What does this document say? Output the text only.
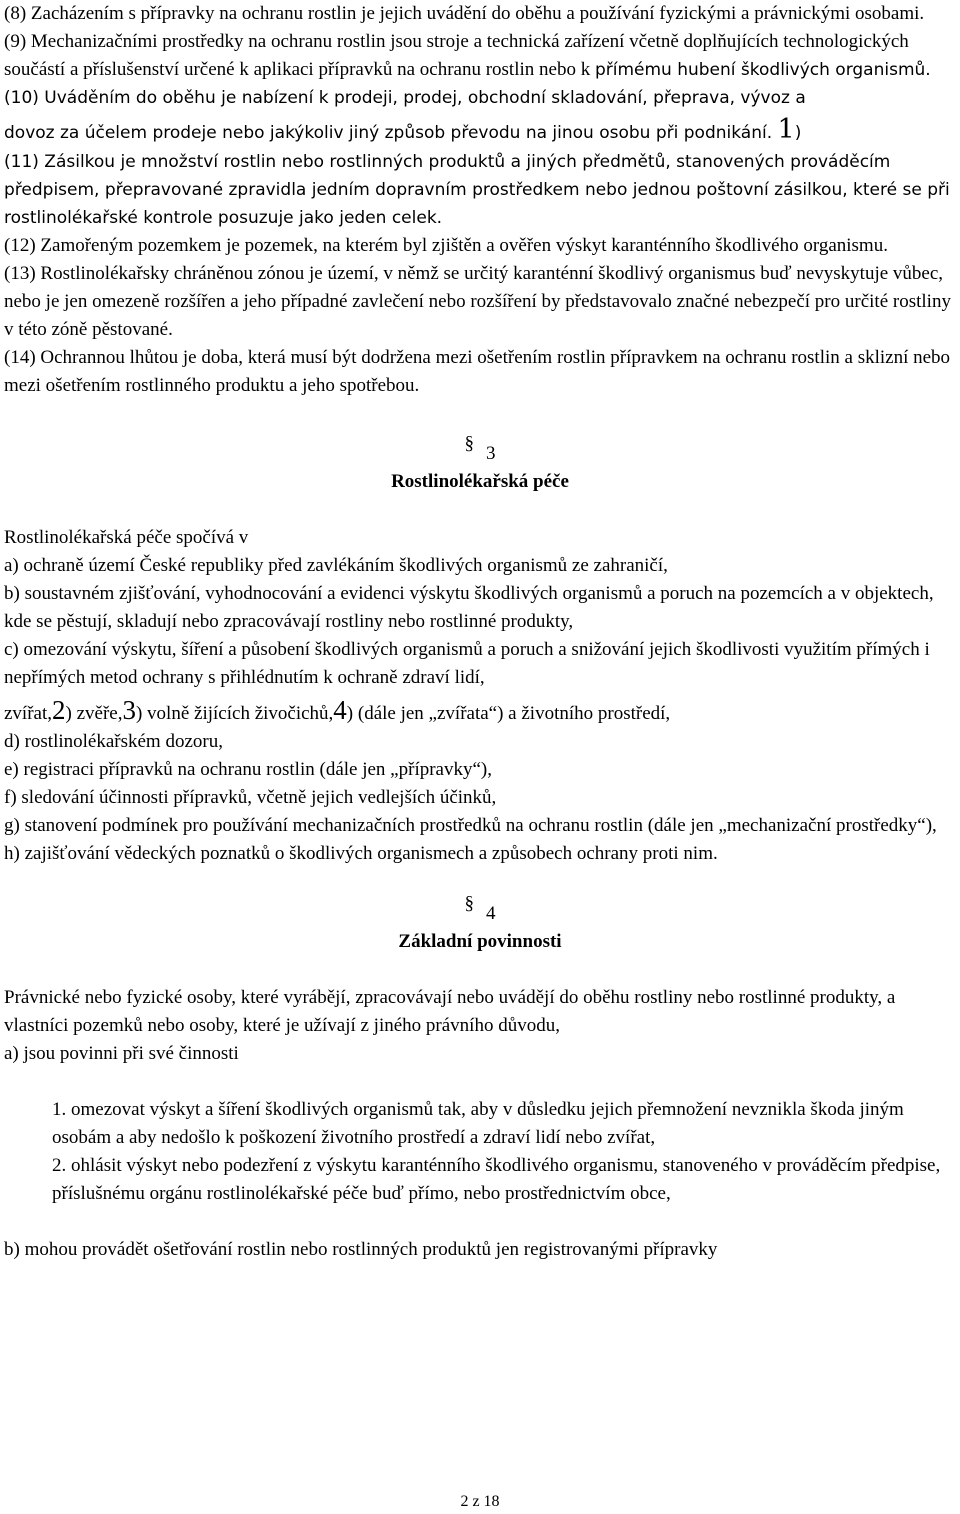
(8) Zacházením s přípravky na ochranu rostlin je jejich uvádění do oběhu a používání fyzickými a právnickými osobami.

(9) Mechanizačními prostředky na ochranu rostlin jsou stroje a technická zařízení včetně doplňujících technologických součástí a příslušenství určené k aplikaci přípravků na ochranu rostlin nebo k přímému hubení škodlivých organismů.

(10) Uváděním do oběhu je nabízení k prodeji, prodej, obchodní skladování, přeprava, vývoz a

dovoz za účelem prodeje nebo jakýkoliv jiný způsob převodu na jinou osobu při podnikání. 1)

(11) Zásilkou je množství rostlin nebo rostlinných produktů a jiných předmětů, stanovených prováděcím předpisem, přepravované zpravidla jedním dopravním prostředkem nebo jednou poštovní zásilkou, které se při rostlinolékařské kontrole posuzuje jako jeden celek.

(12) Zamořeným pozemkem je pozemek, na kterém byl zjištěn a ověřen výskyt karanténního škodlivého organismu.

(13) Rostlinolékařsky chráněnou zónou je území, v němž se určitý karanténní škodlivý organismus buď nevyskytuje vůbec, nebo je jen omezeně rozšířen a jeho případné zavlečení nebo rozšíření by představovalo značné nebezpečí pro určité rostliny v této zóně pěstované.

(14) Ochrannou lhůtou je doba, která musí být dodržena mezi ošetřením rostlin přípravkem na ochranu rostlin a sklizní nebo mezi ošetřením rostlinného produktu a jeho spotřebou.

§ 3

Rostlinolékařská péče

Rostlinolékařská péče spočívá v

a) ochraně území České republiky před zavlékáním škodlivých organismů ze zahraničí,

b) soustavném zjišťování, vyhodnocování a evidenci výskytu škodlivých organismů a poruch na pozemcích a v objektech, kde se pěstují, skladují nebo zpracovávají rostliny nebo rostlinné produkty,

c) omezování výskytu, šíření a působení škodlivých organismů a poruch a snižování jejich škodlivosti využitím přímých i nepřímých metod ochrany s přihlédnutím k ochraně zdraví lidí,

zvířat,2) zvěře,3) volně žijících živočichů,4) (dále jen „zvířata“) a životního prostředí,

d) rostlinolékařském dozoru,

e) registraci přípravků na ochranu rostlin (dále jen „přípravky“),

f) sledování účinnosti přípravků, včetně jejich vedlejších účinků,

g) stanovení podmínek pro používání mechanizačních prostředků na ochranu rostlin (dále jen „mechanizační prostředky“),

h) zajišťování vědeckých poznatků o škodlivých organismech a způsobech ochrany proti nim.

§ 4

Základní povinnosti

Právnické nebo fyzické osoby, které vyrábějí, zpracovávají nebo uvádějí do oběhu rostliny nebo rostlinné produkty, a vlastníci pozemků nebo osoby, které je užívají z jiného právního důvodu,

a) jsou povinni při své činnosti

1. omezovat výskyt a šíření škodlivých organismů tak, aby v důsledku jejich přemnožení nevznikla škoda jiným osobám a aby nedošlo k poškození životního prostředí a zdraví lidí nebo zvířat,

2. ohlásit výskyt nebo podezření z výskytu karanténního škodlivého organismu, stanoveného v prováděcím předpise, příslušnému orgánu rostlinolékařské péče buď přímo, nebo prostřednictvím obce,

b) mohou provádět ošetřování rostlin nebo rostlinných produktů jen registrovanými přípravky

2 z 18
